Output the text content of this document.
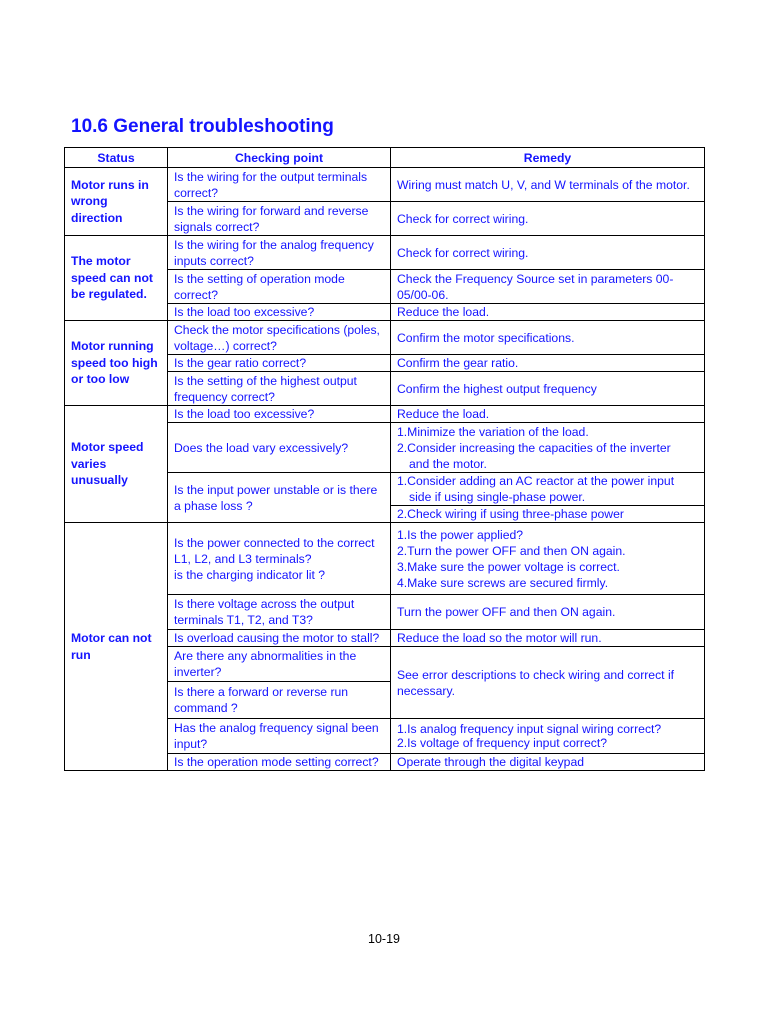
10.6 General troubleshooting
Status	Checking point	Remedy
Motor runs in wrong direction	Is the wiring for the output terminals correct?	Wiring must match U, V, and W terminals of the motor.
	Is the wiring for forward and reverse signals correct?	Check for correct wiring.
The motor speed can not be regulated.	Is the wiring for the analog frequency inputs correct?	Check for correct wiring.
	Is the setting of operation mode correct?	Check the Frequency Source set in parameters 00-05/00-06.
	Is the load too excessive?	Reduce the load.
Motor running speed too high or too low	Check the motor specifications (poles, voltage…) correct?	Confirm the motor specifications.
	Is the gear ratio correct?	Confirm the gear ratio.
	Is the setting of the highest output frequency correct?	Confirm the highest output frequency
Motor speed varies unusually	Is the load too excessive?	Reduce the load.
	Does the load vary excessively?	1.Minimize the variation of the load.
2.Consider increasing the capacities of the inverter
and the motor.

	Is the input power unstable or is there a phase loss ?	1.Consider adding an AC reactor at the power input
side if using single-phase power.

		2.Check wiring if using three-phase power
Motor can not run	Is the power connected to the correct
L1, L2, and L3 terminals?
is the charging indicator lit ?	1.Is the power applied?
2.Turn the power OFF and then ON again.
3.Make sure the power voltage is correct.
4.Make sure screws are secured firmly.

	Is there voltage across the output terminals T1, T2, and T3?	Turn the power OFF and then ON again.
	Is overload causing the motor to stall?	Reduce the load so the motor will run.
	Are there any abnormalities in the inverter?	See error descriptions to check wiring and correct if necessary.
	Is there a forward or reverse run command ?	
	Has the analog frequency signal been input?	1.Is analog frequency input signal wiring correct?
2.Is voltage of frequency input correct?

	Is the operation mode setting correct?	Operate through the digital keypad
10-19
